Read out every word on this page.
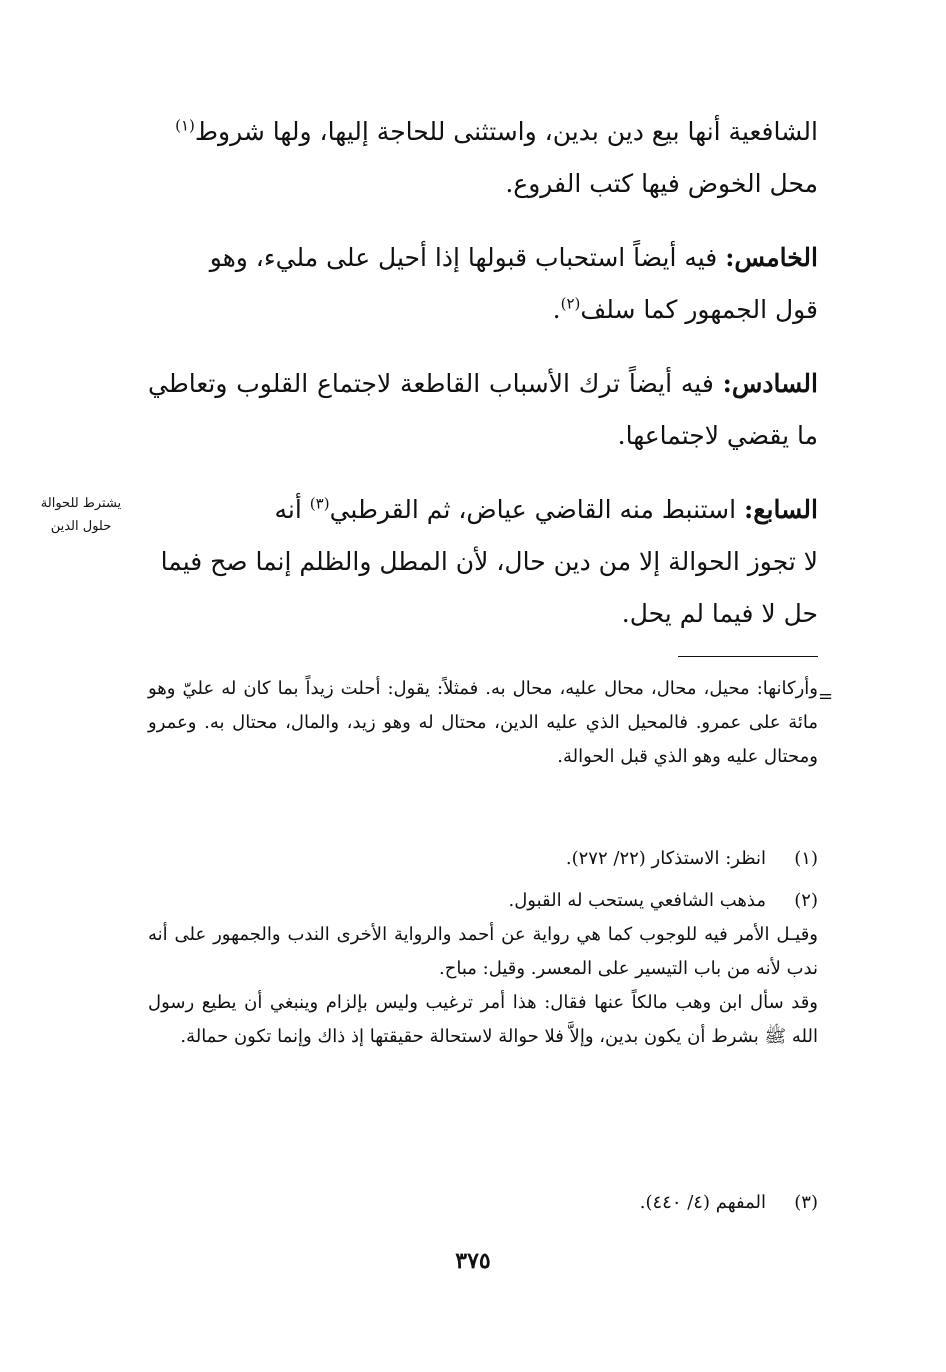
الشافعية أنها بيع دين بدين، واستثنى للحاجة إليها، ولها شروط$^{(١)}$

محل الخوض فيها كتب الفروع.

الخامس: فيه أيضاً استحباب قبولها إذا أحيل على مليء، وهو

قول الجمهور كما سلف$^{(٢)}$.

السادس: فيه أيضاً ترك الأسباب القاطعة لاجتماع القلوب وتعاطي ما يقضي لاجتماعها.

السابع: استنبط منه القاضي عياض، ثم القرطبي$^{(٣)}$ أنه

لا تجوز الحوالة إلا من دين حال، لأن المطل والظلم إنما صح فيما

حل لا فيما لم يحل.

يشترط للحوالة
حلول الدين
=

وأركانها: محيل، محال، محال عليه، محال به. فمثلاً: يقول: أحلت زيداً بما كان له عليّ وهو مائة على عمرو. فالمحيل الذي عليه الدين، محتال له وهو زيد، والمال، محتال به. وعمرو ومحتال عليه وهو الذي قبل الحوالة.

(١)انظر: الاستذكار (٢٢/ ٢٧٢).

(٢)مذهب الشافعي يستحب له القبول.

وقيـل الأمر فيه للوجوب كما هي رواية عن أحمد والرواية الأخرى الندب والجمهور على أنه ندب لأنه من باب التيسير على المعسر. وقيل: مباح.

وقد سأل ابن وهب مالكاً عنها فقال: هذا أمر ترغيب وليس بإلزام وينبغي أن يطيع رسول الله ﷺ بشرط أن يكون بدين، وإلاَّ فلا حوالة لاستحالة حقيقتها إذ ذاك وإنما تكون حمالة.

(٣)المفهم (٤/ ٤٤٠).

٣٧٥
